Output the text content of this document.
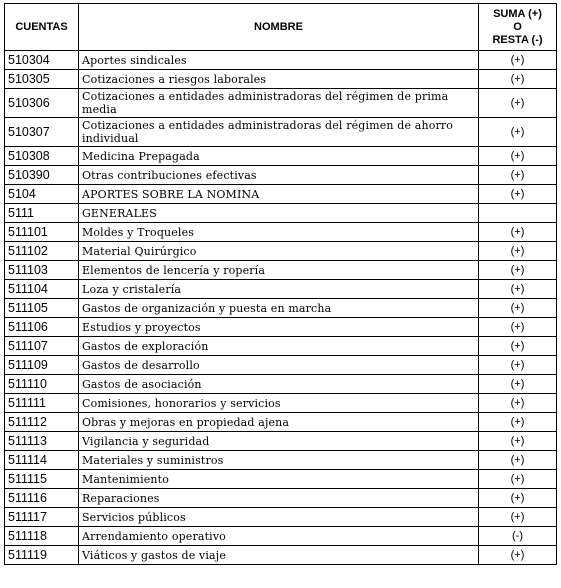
CUENTAS	NOMBRE	SUMA (+)
O
RESTA (-)

510304	Aportes sindicales	(+)
510305	Cotizaciones a riesgos laborales	(+)
510306	Cotizaciones a entidades administradoras del régimen de prima media	(+)
510307	Cotizaciones a entidades administradoras del régimen de ahorro individual	(+)
510308	Medicina Prepagada	(+)
510390	Otras contribuciones efectivas	(+)
5104	APORTES SOBRE LA NOMINA	(+)
5111	GENERALES	
511101	Moldes y Troqueles	(+)
511102	Material Quirúrgico	(+)
511103	Elementos de lencería y ropería	(+)
511104	Loza y cristalería	(+)
511105	Gastos de organización y puesta en marcha	(+)
511106	Estudios y proyectos	(+)
511107	Gastos de exploración	(+)
511109	Gastos de desarrollo	(+)
511110	Gastos de asociación	(+)
511111	Comisiones, honorarios y servicios	(+)
511112	Obras y mejoras en propiedad ajena	(+)
511113	Vigilancia y seguridad	(+)
511114	Materiales y suministros	(+)
511115	Mantenimiento	(+)
511116	Reparaciones	(+)
511117	Servicios públicos	(+)
511118	Arrendamiento operativo	(-)
511119	Viáticos y gastos de viaje	(+)
